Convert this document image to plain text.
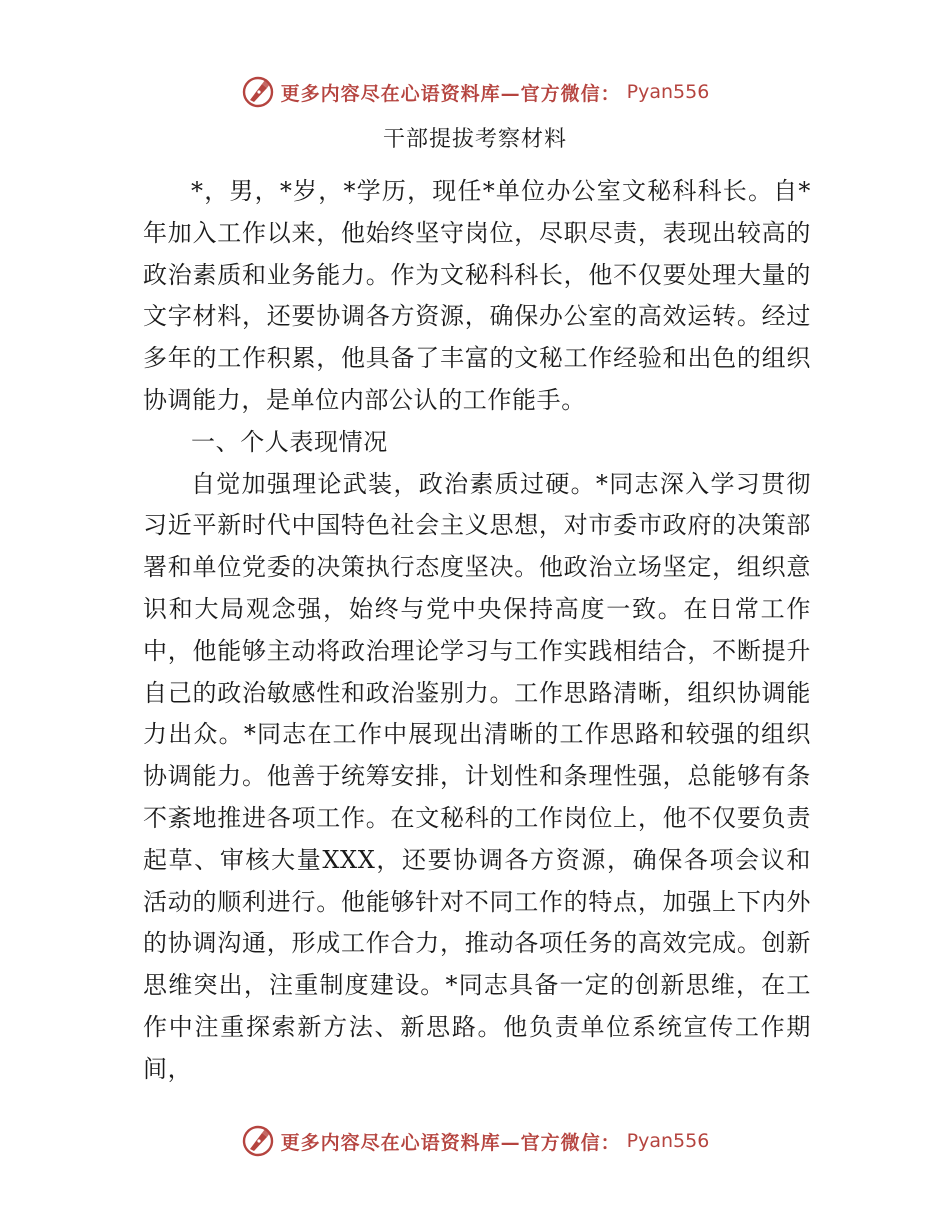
更多内容尽在心语资料库—官方微信： Pyan556
干部提拔考察材料

*，男，*岁，*学历，现任*单位办公室文秘科科长。自*年加入工作以来，他始终坚守岗位，尽职尽责，表现出较高的政治素质和业务能力。作为文秘科科长，他不仅要处理大量的文字材料，还要协调各方资源，确保办公室的高效运转。经过多年的工作积累，他具备了丰富的文秘工作经验和出色的组织协调能力，是单位内部公认的工作能手。

一、个人表现情况

自觉加强理论武装，政治素质过硬。*同志深入学习贯彻习近平新时代中国特色社会主义思想，对市委市政府的决策部署和单位党委的决策执行态度坚决。他政治立场坚定，组织意识和大局观念强，始终与党中央保持高度一致。在日常工作中，他能够主动将政治理论学习与工作实践相结合，不断提升自己的政治敏感性和政治鉴别力。工作思路清晰，组织协调能力出众。*同志在工作中展现出清晰的工作思路和较强的组织协调能力。他善于统筹安排，计划性和条理性强，总能够有条不紊地推进各项工作。在文秘科的工作岗位上，他不仅要负责起草、审核大量XXX，还要协调各方资源，确保各项会议和活动的顺利进行。他能够针对不同工作的特点，加强上下内外的协调沟通，形成工作合力，推动各项任务的高效完成。创新思维突出，注重制度建设。*同志具备一定的创新思维，在工作中注重探索新方法、新思路。他负责单位系统宣传工作期间，

更多内容尽在心语资料库—官方微信： Pyan556
